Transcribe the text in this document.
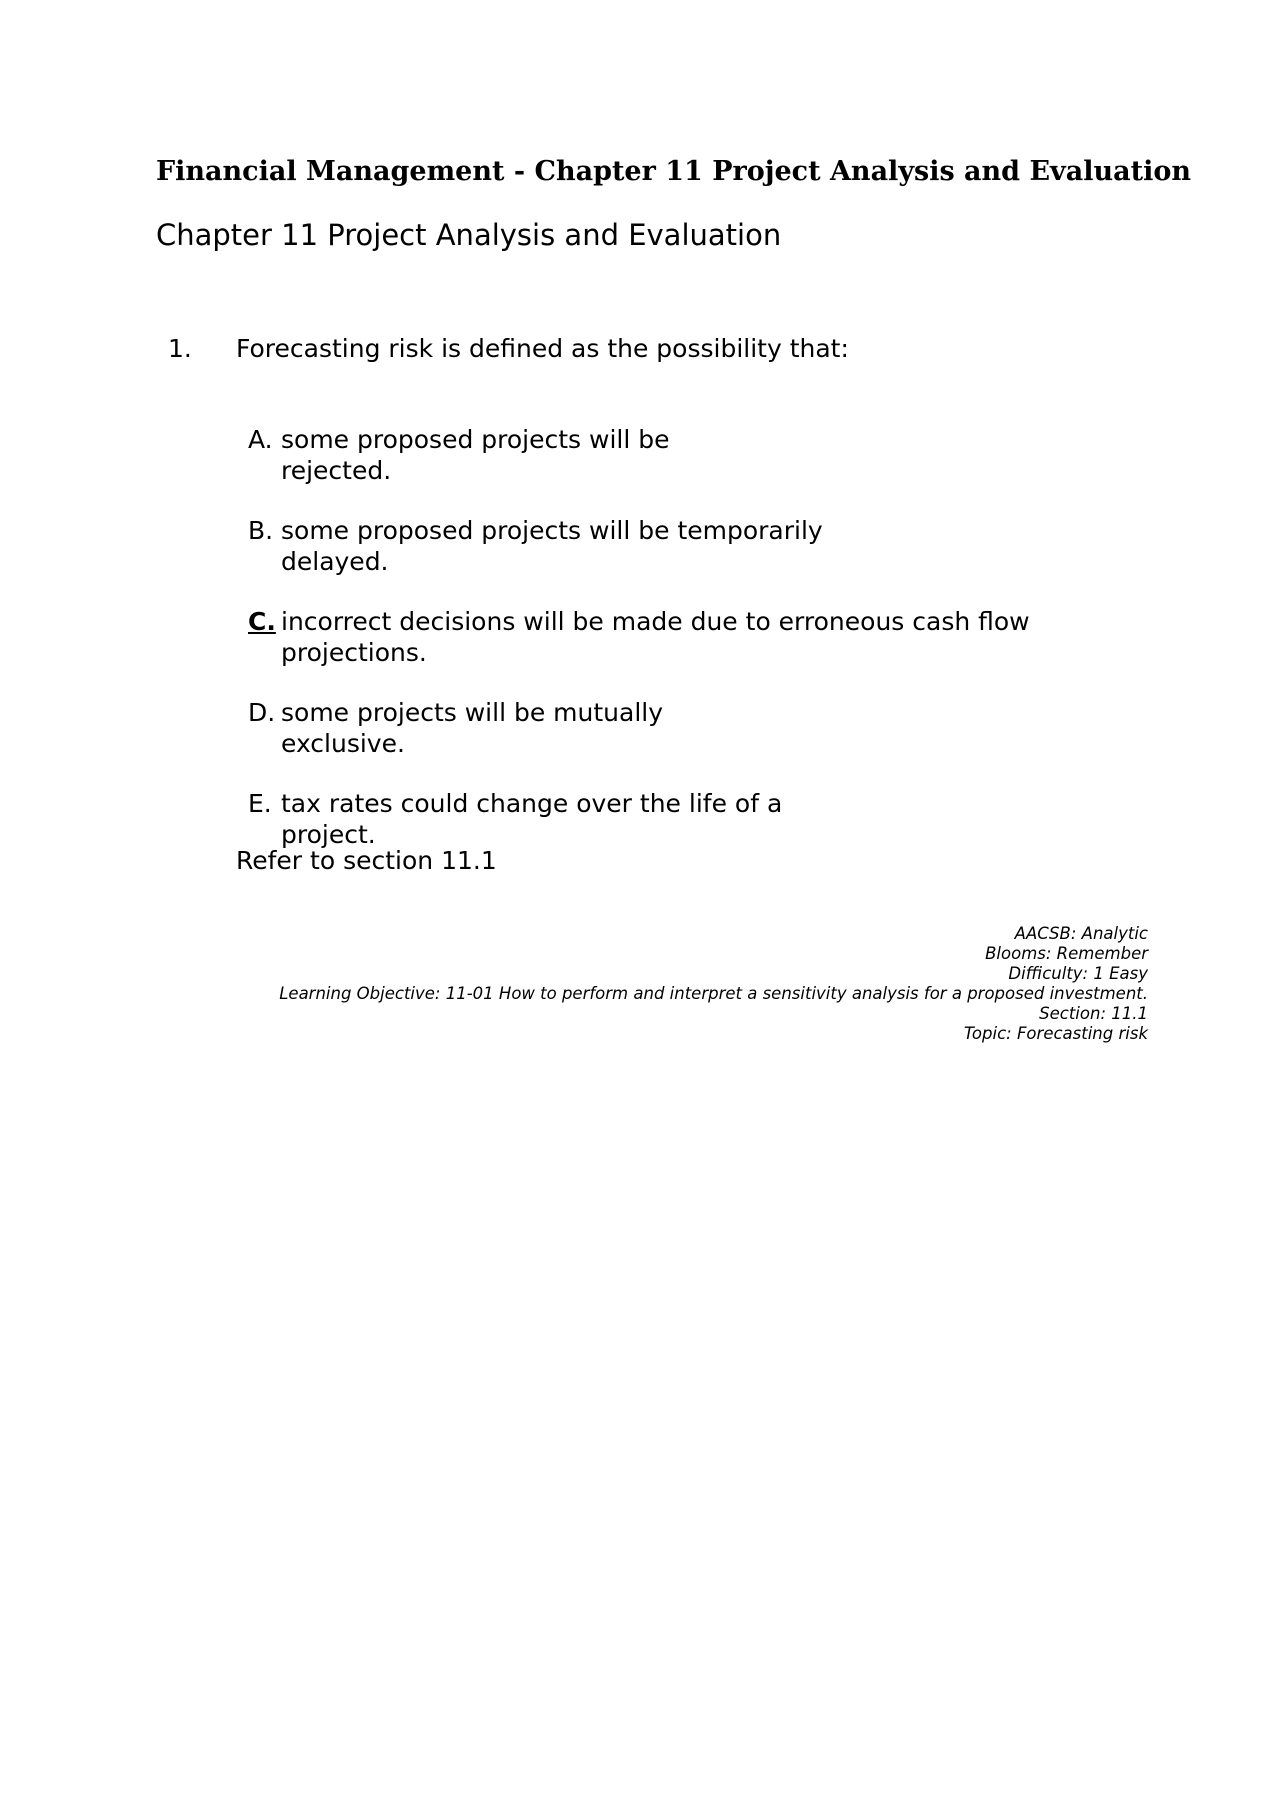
Financial Management - Chapter 11 Project Analysis and Evaluation
Chapter 11 Project Analysis and Evaluation
1. Forecasting risk is defined as the possibility that:
A. some proposed projects will be rejected.
B. some proposed projects will be temporarily delayed.
C. incorrect decisions will be made due to erroneous cash flow projections.
D. some projects will be mutually exclusive.
E. tax rates could change over the life of a project.
Refer to section 11.1
AACSB: Analytic
Blooms: Remember
Difficulty: 1 Easy
Learning Objective: 11-01 How to perform and interpret a sensitivity analysis for a proposed investment.
Section: 11.1
Topic: Forecasting risk
